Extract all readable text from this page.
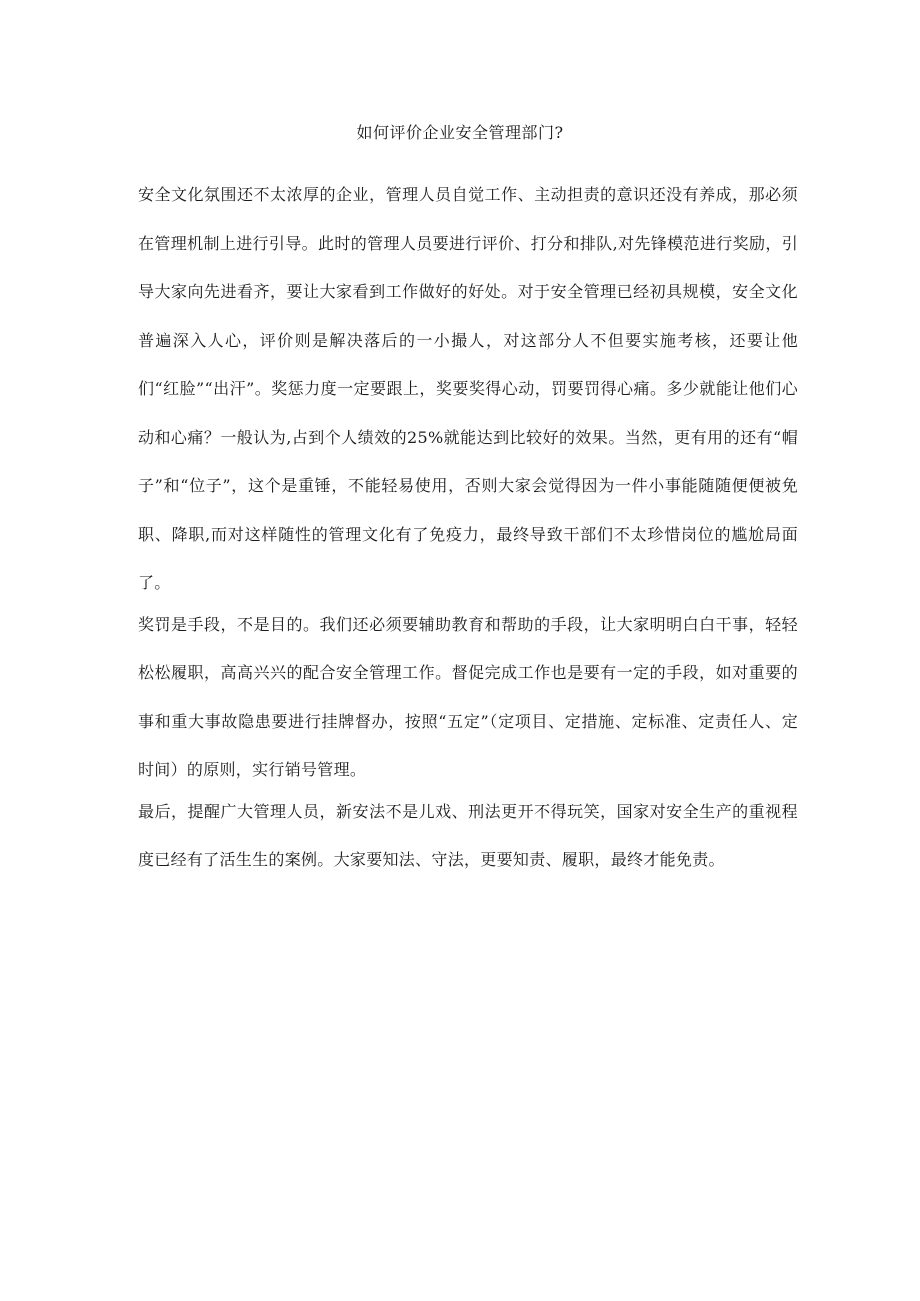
如何评价企业安全管理部门?

安全文化氛围还不太浓厚的企业，管理人员自觉工作、主动担责的意识还没有养成，那必须在管理机制上进行引导。此时的管理人员要进行评价、打分和排队,对先锋模范进行奖励，引导大家向先进看齐，要让大家看到工作做好的好处。对于安全管理已经初具规模，安全文化普遍深入人心，评价则是解决落后的一小撮人，对这部分人不但要实施考核，还要让他们“红脸”“出汗”。奖惩力度一定要跟上，奖要奖得心动，罚要罚得心痛。多少就能让他们心动和心痛？一般认为,占到个人绩效的25%就能达到比较好的效果。当然，更有用的还有“帽子”和“位子”，这个是重锤，不能轻易使用，否则大家会觉得因为一件小事能随随便便被免职、降职,而对这样随性的管理文化有了免疫力，最终导致干部们不太珍惜岗位的尴尬局面了。

奖罚是手段，不是目的。我们还必须要辅助教育和帮助的手段，让大家明明白白干事，轻轻松松履职，高高兴兴的配合安全管理工作。督促完成工作也是要有一定的手段，如对重要的事和重大事故隐患要进行挂牌督办，按照“五定”（定项目、定措施、定标准、定责任人、定时间）的原则，实行销号管理。

最后，提醒广大管理人员，新安法不是儿戏、刑法更开不得玩笑，国家对安全生产的重视程度已经有了活生生的案例。大家要知法、守法，更要知责、履职，最终才能免责。
